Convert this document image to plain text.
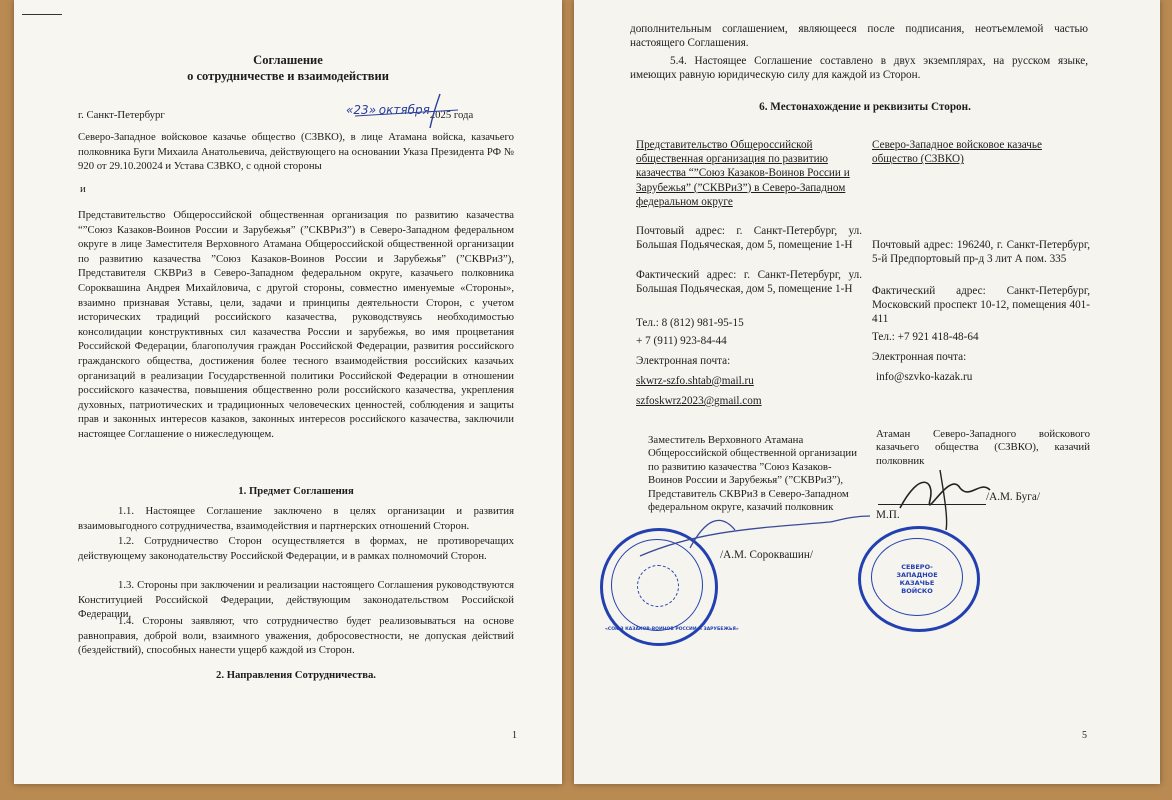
Соглашение
о сотрудничестве и взаимодействии
г. Санкт-Петербург	«23» октября2025 года
Северо-Западное войсковое казачье общество (СЗВКО), в лице Атамана войска, казачьего полковника Буги Михаила Анатольевича, действующего на основании Указа Президента РФ № 920 от 29.10.20024 и Устава СЗВКО, с одной стороны
и
Представительство Общероссийской общественная организация по развитию казачества “”Союз Казаков-Воинов России и Зарубежья” (”СКВРиЗ”) в Северо-Западном федеральном округе в лице Заместителя Верховного Атамана Общероссийской общественной организации по развитию казачества ”Союз Казаков-Воинов России и Зарубежья” (”СКВРиЗ”), Представителя СКВРиЗ в Северо-Западном федеральном округе, казачьего полковника Сороквашина Андрея Михайловича, с другой стороны, совместно именуемые «Стороны», взаимно признавая Уставы, цели, задачи и принципы деятельности Сторон, с учетом исторических традиций российского казачества, руководствуясь необходимостью консолидации конструктивных сил казачества России и зарубежья, во имя процветания Российской Федерации, благополучия граждан Российской Федерации, развития российского гражданского общества, достижения более тесного взаимодействия российских казачьих организаций в реализации Государственной политики Российской Федерации в отношении российского казачества, повышения общественно роли российского казачества, укрепления духовных, патриотических и традиционных человеческих ценностей, соблюдения и защиты прав и законных интересов казаков, законных интересов российского казачества, заключили настоящее Соглашение о нижеследующем.
1. Предмет Соглашения
1.1. Настоящее Соглашение заключено в целях организации и развития взаимовыгодного сотрудничества, взаимодействия и партнерских отношений Сторон.
1.2. Сотрудничество Сторон осуществляется в формах, не противоречащих действующему законодательству Российской Федерации, и в рамках полномочий Сторон.
1.3. Стороны при заключении и реализации настоящего Соглашения руководствуются Конституцией Российской Федерации, действующим законодательством Российской Федерации.
1.4. Стороны заявляют, что сотрудничество будет реализовываться на основе равноправия, доброй воли, взаимного уважения, добросовестности, не допуская действий (бездействий), способных нанести ущерб каждой из Сторон.
2. Направления Сотрудничества.
1
дополнительным соглашением, являющееся после подписания, неотъемлемой частью настоящего Соглашения.
5.4. Настоящее Соглашение составлено в двух экземплярах, на русском языке, имеющих равную юридическую силу для каждой из Сторон.
6. Местонахождение и реквизиты Сторон.
Представительство Общероссийской общественная организация по развитию казачества “”Союз Казаков-Воинов России и Зарубежья” (”СКВРиЗ”) в Северо-Западном федеральном округе
Почтовый адрес: г. Санкт-Петербург, ул. Большая Подьяческая, дом 5, помещение 1-Н
Фактический адрес: г. Санкт-Петербург, ул. Большая Подьяческая, дом 5, помещение 1-Н
Тел.: 8 (812) 981-95-15
+ 7 (911) 923-84-44
Электронная почта:
skwrz-szfo.shtab@mail.ru
szfoskwrz2023@gmail.com
Заместитель Верховного Атамана Общероссийской общественной организации по развитию казачества ”Союз Казаков-Воинов России и Зарубежья” (”СКВРиЗ”), Представитель СКВРиЗ в Северо-Западном федеральном округе, казачий полковник
/А.М. Сороквашин/
Северо-Западное войсковое казачье общество (СЗВКО)
Почтовый адрес: 196240, г. Санкт-Петербург, 5-й Предпортовый пр-д 3 лит А пом. 335
Фактический адрес: Санкт-Петербург, Московский проспект 10-12, помещения 401-411
Тел.: +7 921 418-48-64
Электронная почта:
info@szvko-kazak.ru
Атаман Северо-Западного войскового казачьего общества (СЗВКО), казачий полковник
/А.М. Буга/
М.П.
«СОЮЗ КАЗАКОВ-ВОИНОВ РОССИИ И ЗАРУБЕЖЬЯ»
СЕВЕРО-ЗАПАДНОЕ
КАЗАЧЬЕ
ВОЙСКО
5
